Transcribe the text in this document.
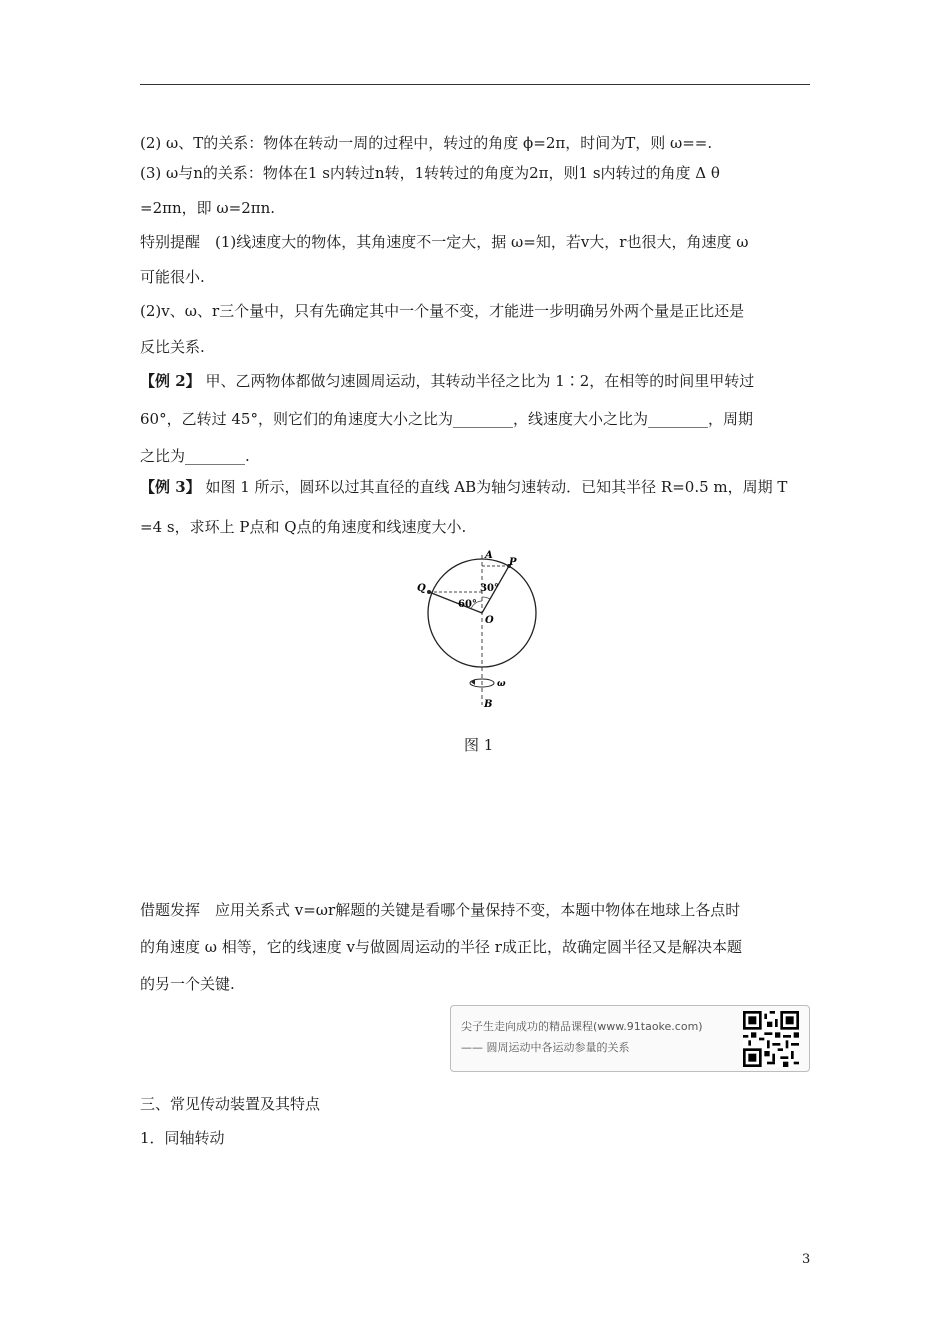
(2) ω、T的关系：物体在转动一周的过程中，转过的角度 ϕ=2π，时间为T，则 ω==.
(3) ω与n的关系：物体在1 s内转过n转，1转转过的角度为2π，则1 s内转过的角度 Δ θ
=2πn，即 ω=2πn.
特别提醒　(1)线速度大的物体，其角速度不一定大，据 ω=知，若v大，r也很大，角速度 ω
可能很小.
(2)v、ω、r三个量中，只有先确定其中一个量不变，才能进一步明确另外两个量是正比还是
反比关系.
【例 2】 甲、乙两物体都做匀速圆周运动，其转动半径之比为 1∶2，在相等的时间里甲转过
60°，乙转过 45°，则它们的角速度大小之比为________，线速度大小之比为________，周期
之比为________.
【例 3】 如图 1 所示，圆环以过其直径的直线 AB为轴匀速转动．已知其半径 R=0.5 m，周期 T
=4 s，求环上 P点和 Q点的角速度和线速度大小.
A
P
Q
O
B
30°
60°
ω
图 1
借题发挥　应用关系式 v=ωr解题的关键是看哪个量保持不变，本题中物体在地球上各点时
的角速度 ω 相等，它的线速度 v与做圆周运动的半径 r成正比，故确定圆半径又是解决本题
的另一个关键.
尖子生走向成功的精品课程(www.91taoke.com)
—— 圆周运动中各运动参量的关系
三、常见传动装置及其特点
1．同轴转动
3
